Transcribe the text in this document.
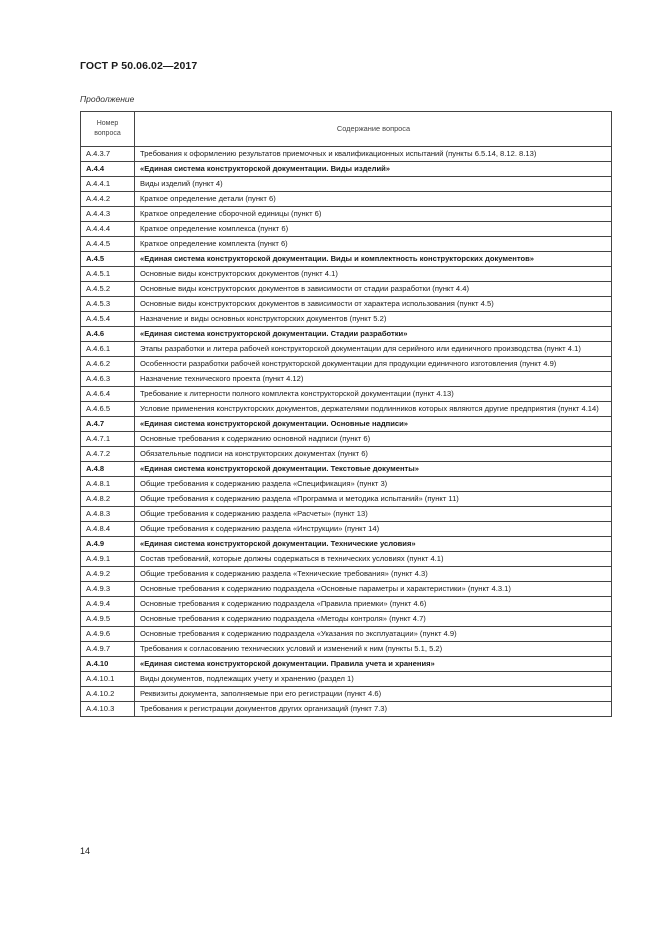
ГОСТ Р 50.06.02—2017
Продолжение
Номер
вопроса	Содержание вопроса
А.4.3.7	Требования к оформлению результатов приемочных и квалификационных испытаний (пункты 6.5.14, 8.12. 8.13)
А.4.4	«Единая система конструкторской документации. Виды изделий»
А.4.4.1	Виды изделий (пункт 4)
А.4.4.2	Краткое определение детали (пункт 6)
А.4.4.3	Краткое определение сборочной единицы (пункт 6)
А.4.4.4	Краткое определение комплекса (пункт 6)
А.4.4.5	Краткое определение комплекта (пункт 6)
А.4.5	«Единая система конструкторской документации. Виды и комплектность конструкторских документов»
А.4.5.1	Основные виды конструкторских документов (пункт 4.1)
А.4.5.2	Основные виды конструкторских документов в зависимости от стадии разработки (пункт 4.4)
А.4.5.3	Основные виды конструкторских документов в зависимости от характера использования (пункт 4.5)
А.4.5.4	Назначение и виды основных конструкторских документов (пункт 5.2)
А.4.6	«Единая система конструкторской документации. Стадии разработки»
А.4.6.1	Этапы разработки и литера рабочей конструкторской документации для серийного или единичного производства (пункт 4.1)
А.4.6.2	Особенности разработки рабочей конструкторской документации для продукции единичного изготовления (пункт 4.9)
А.4.6.3	Назначение технического проекта (пункт 4.12)
А.4.6.4	Требование к литерности полного комплекта конструкторской документации (пункт 4.13)
А.4.6.5	Условие применения конструкторских документов, держателями подлинников которых являются другие предприятия (пункт 4.14)
А.4.7	«Единая система конструкторской документации. Основные надписи»
А.4.7.1	Основные требования к содержанию основной надписи (пункт 6)
А.4.7.2	Обязательные подписи на конструкторских документах (пункт 6)
А.4.8	«Единая система конструкторской документации. Текстовые документы»
А.4.8.1	Общие требования к содержанию раздела «Спецификация» (пункт 3)
А.4.8.2	Общие требования к содержанию раздела «Программа и методика испытаний» (пункт 11)
А.4.8.3	Общие требования к содержанию раздела «Расчеты» (пункт 13)
А.4.8.4	Общие требования к содержанию раздела «Инструкции» (пункт 14)
А.4.9	«Единая система конструкторской документации. Технические условия»
А.4.9.1	Состав требований, которые должны содержаться в технических условиях (пункт 4.1)
А.4.9.2	Общие требования к содержанию раздела «Технические требования» (пункт 4.3)
А.4.9.3	Основные требования к содержанию подраздела «Основные параметры и характеристики» (пункт 4.3.1)
А.4.9.4	Основные требования к содержанию подраздела «Правила приемки» (пункт 4.6)
А.4.9.5	Основные требования к содержанию подраздела «Методы контроля» (пункт 4.7)
А.4.9.6	Основные требования к содержанию подраздела «Указания по эксплуатации» (пункт 4.9)
А.4.9.7	Требования к согласованию технических условий и изменений к ним (пункты 5.1, 5.2)
А.4.10	«Единая система конструкторской документации. Правила учета и хранения»
А.4.10.1	Виды документов, подлежащих учету и хранению (раздел 1)
А.4.10.2	Реквизиты документа, заполняемые при его регистрации (пункт 4.6)
А.4.10.3	Требования к регистрации документов других организаций (пункт 7.3)
14
